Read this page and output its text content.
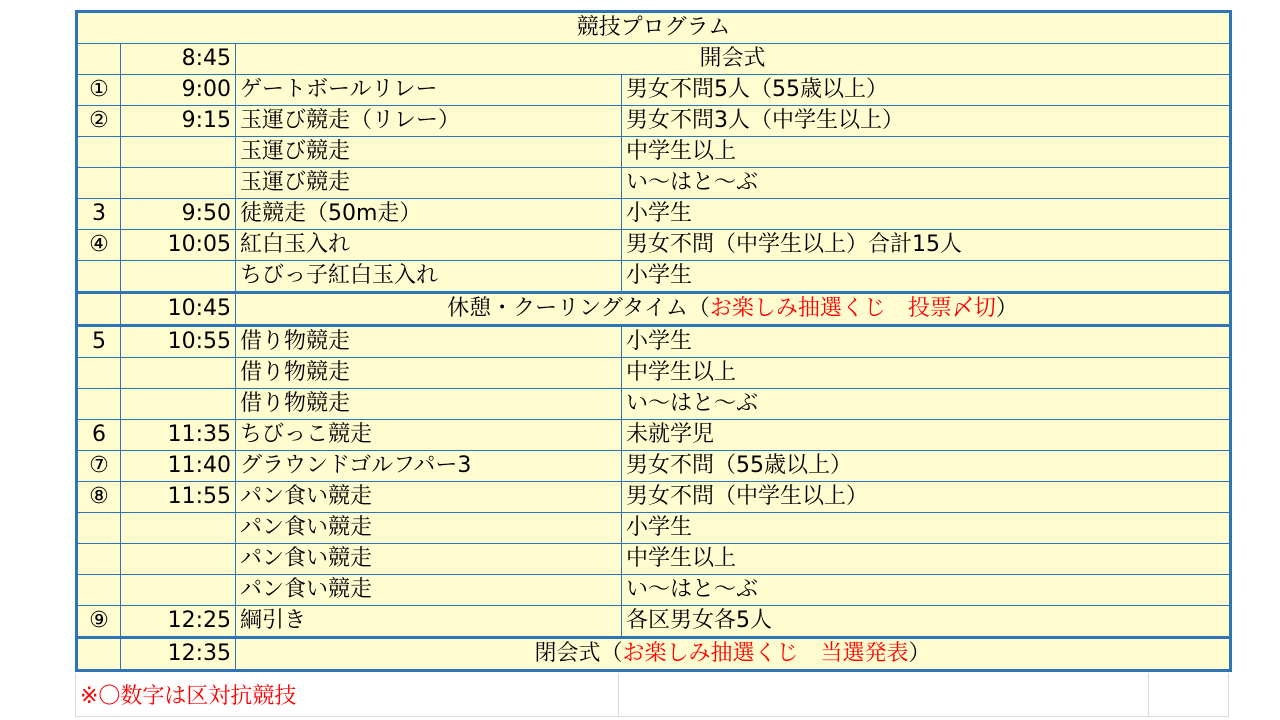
競技プログラム			
	8:45	開会式	
①	9:00	ゲートボールリレー	男女不問5人（55歳以上）
②	9:15	玉運び競走（リレー）	男女不問3人（中学生以上）
		玉運び競走	中学生以上
		玉運び競走	い～はと～ぶ
3	9:50	徒競走（50m走）	小学生
④	10:05	紅白玉入れ	男女不問（中学生以上）合計15人
		ちびっ子紅白玉入れ	小学生
	10:45	休憩・クーリングタイム（お楽しみ抽選くじ　投票〆切）	
5	10:55	借り物競走	小学生
		借り物競走	中学生以上
		借り物競走	い～はと～ぶ
6	11:35	ちびっこ競走	未就学児
⑦	11:40	グラウンドゴルフパー3	男女不問（55歳以上）
⑧	11:55	パン食い競走	男女不問（中学生以上）
		パン食い競走	小学生
		パン食い競走	中学生以上
		パン食い競走	い～はと～ぶ
⑨	12:25	綱引き	各区男女各5人
	12:35	閉会式（お楽しみ抽選くじ　当選発表）	
※〇数字は区対抗競技
